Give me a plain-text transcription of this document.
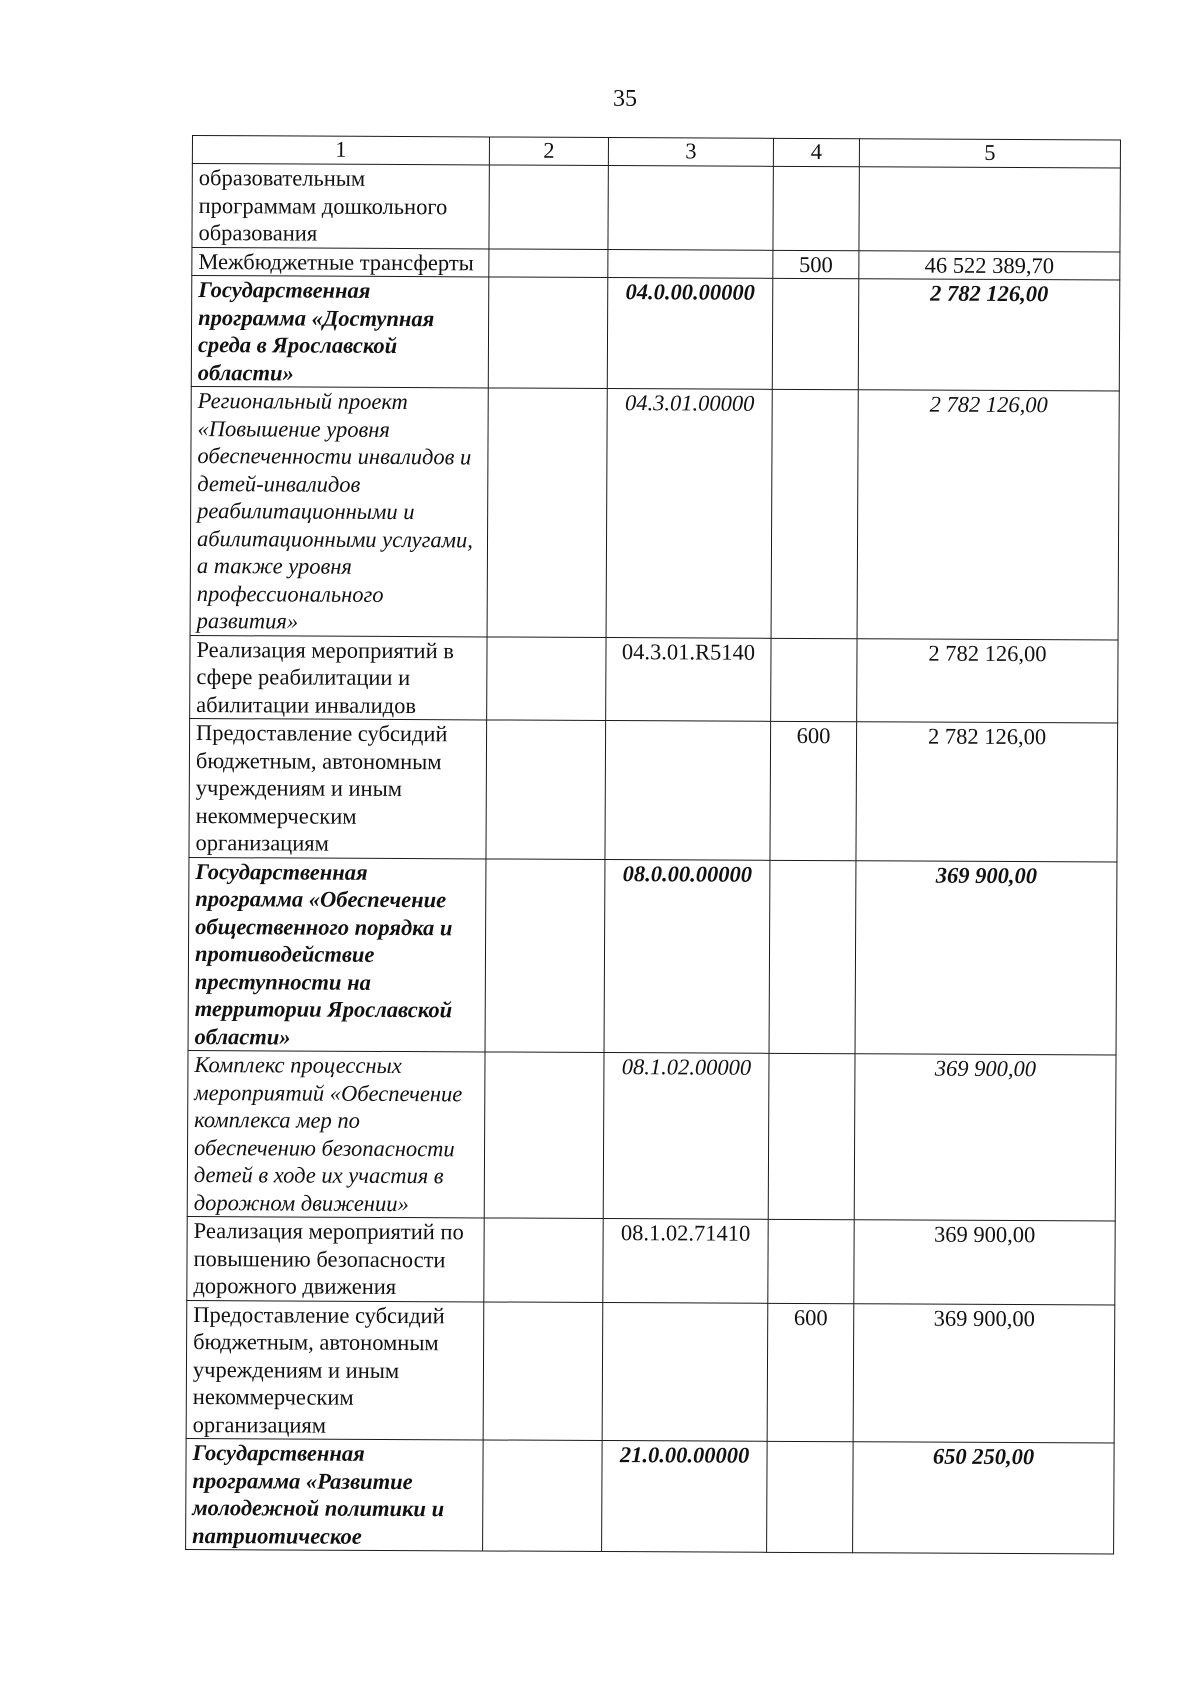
35
1	2	3	4	5
образовательным программам дошкольного образования				
Межбюджетные трансферты			500	46 522 389,70
Государственная программа «Доступная среда в Ярославской области»		04.0.00.00000		2 782 126,00
Региональный проект «Повышение уровня обеспеченности инвалидов и детей-инвалидов реабилитационными и абилитационными услугами, а также уровня профессионального развития»		04.3.01.00000		2 782 126,00
Реализация мероприятий в сфере реабилитации и абилитации инвалидов		04.3.01.R5140		2 782 126,00
Предоставление субсидий бюджетным, автономным учреждениям и иным некоммерческим организациям			600	2 782 126,00
Государственная программа «Обеспечение общественного порядка и противодействие преступности на территории Ярославской области»		08.0.00.00000		369 900,00
Комплекс процессных мероприятий «Обеспечение комплекса мер по обеспечению безопасности детей в ходе их участия в дорожном движении»		08.1.02.00000		369 900,00
Реализация мероприятий по повышению безопасности дорожного движения		08.1.02.71410		369 900,00
Предоставление субсидий бюджетным, автономным учреждениям и иным некоммерческим организациям			600	369 900,00
Государственная программа «Развитие молодежной политики и патриотическое		21.0.00.00000		650 250,00
